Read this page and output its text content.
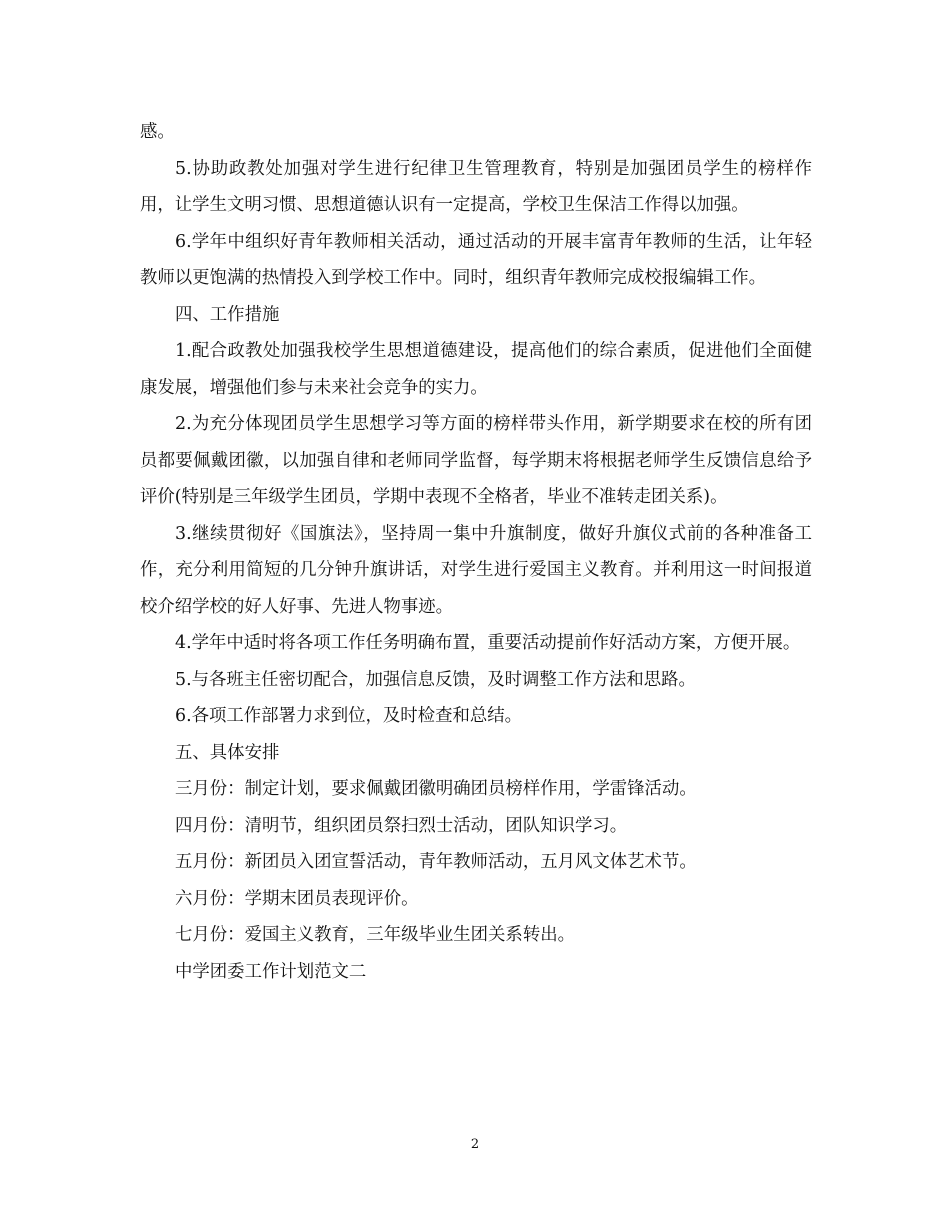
感。

5.协助政教处加强对学生进行纪律卫生管理教育，特别是加强团员学生的榜样作用，让学生文明习惯、思想道德认识有一定提高，学校卫生保洁工作得以加强。

6.学年中组织好青年教师相关活动，通过活动的开展丰富青年教师的生活，让年轻教师以更饱满的热情投入到学校工作中。同时，组织青年教师完成校报编辑工作。

四、工作措施

1.配合政教处加强我校学生思想道德建设，提高他们的综合素质，促进他们全面健康发展，增强他们参与未来社会竞争的实力。

2.为充分体现团员学生思想学习等方面的榜样带头作用，新学期要求在校的所有团员都要佩戴团徽，以加强自律和老师同学监督，每学期末将根据老师学生反馈信息给予评价(特别是三年级学生团员，学期中表现不全格者，毕业不准转走团关系)。

3.继续贯彻好《国旗法》，坚持周一集中升旗制度，做好升旗仪式前的各种准备工作，充分利用简短的几分钟升旗讲话，对学生进行爱国主义教育。并利用这一时间报道校介绍学校的好人好事、先进人物事迹。

4.学年中适时将各项工作任务明确布置，重要活动提前作好活动方案，方便开展。

5.与各班主任密切配合，加强信息反馈，及时调整工作方法和思路。

6.各项工作部署力求到位，及时检查和总结。

五、具体安排

三月份：制定计划，要求佩戴团徽明确团员榜样作用，学雷锋活动。

四月份：清明节，组织团员祭扫烈士活动，团队知识学习。

五月份：新团员入团宣誓活动，青年教师活动，五月风文体艺术节。

六月份：学期末团员表现评价。

七月份：爱国主义教育，三年级毕业生团关系转出。

中学团委工作计划范文二

2
